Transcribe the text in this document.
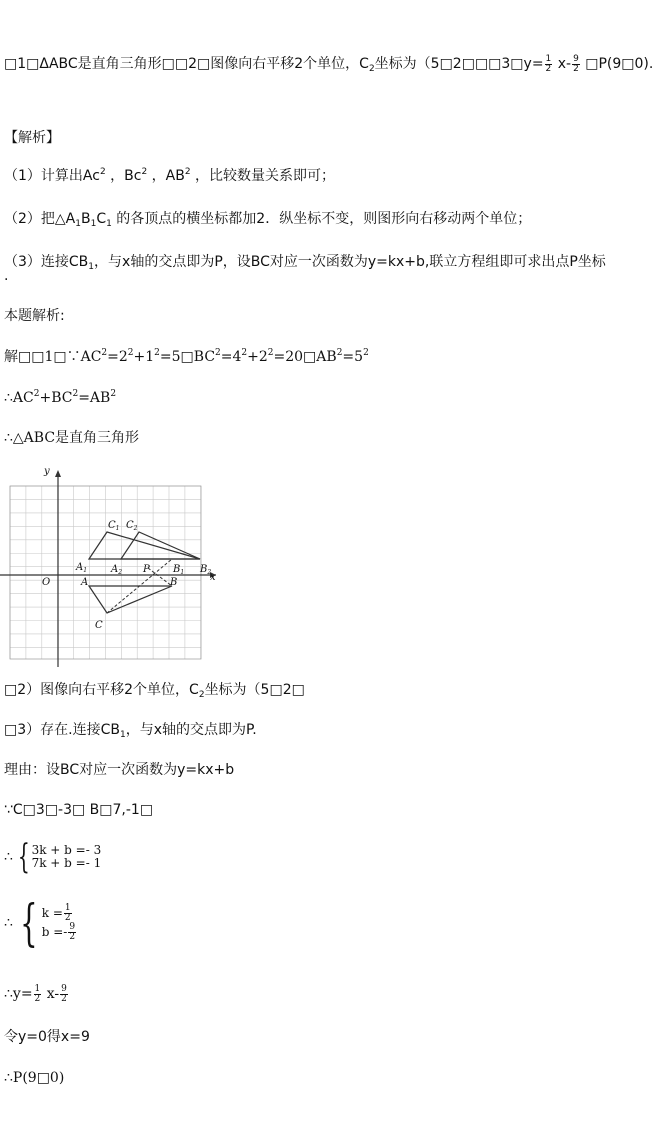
□1□ΔABC是直角三角形□□2□图像向右平移2个单位，$C_2$坐标为（5□2□□□3□y= $\frac{1}{2} x- \frac{9}{2}$ □P(9□0).
【解析】
（1）计算出Ac$^2$ ，Bc$^2$ ，$AB^2$ ，比较数量关系即可；
（2）把$\triangle A_1B_1C_1$ 的各顶点的横坐标都加2．纵坐标不变，则图形向右移动两个单位；
（3）连接$CB_1$，与x轴的交点即为P，设BC对应一次函数为y=kx+b,联立方程组即可求出点P坐标
.
本题解析:
解$□□1□\because AC^2=2^2+1^2=5□BC^2=4^2+2^2=20□AB^2=5^2$
$\therefore AC^2+BC^2=AB^2$
∴△ABC是直角三角形
y
x
O
$A_1$ $A_2$	$B_1$ $B_2$
$C_1$ $C_2$
A	B
C
P
□2）图像向右平移2个单位，$C_2$坐标为（5□2□
□3）存在.连接$CB_1$，与x轴的交点即为P.
理由：设BC对应一次函数为y=kx+b
∵C□3□-3□ B□7,-1□
∴ { 3k + b =- 3
7k + b =- 1
∴ { $k = \frac{1}{2}$

$b =- \frac{9}{2}$
∴y= $\frac{1}{2} x- \frac{9}{2}$
令y=0得x=9
∴P(9□0)
